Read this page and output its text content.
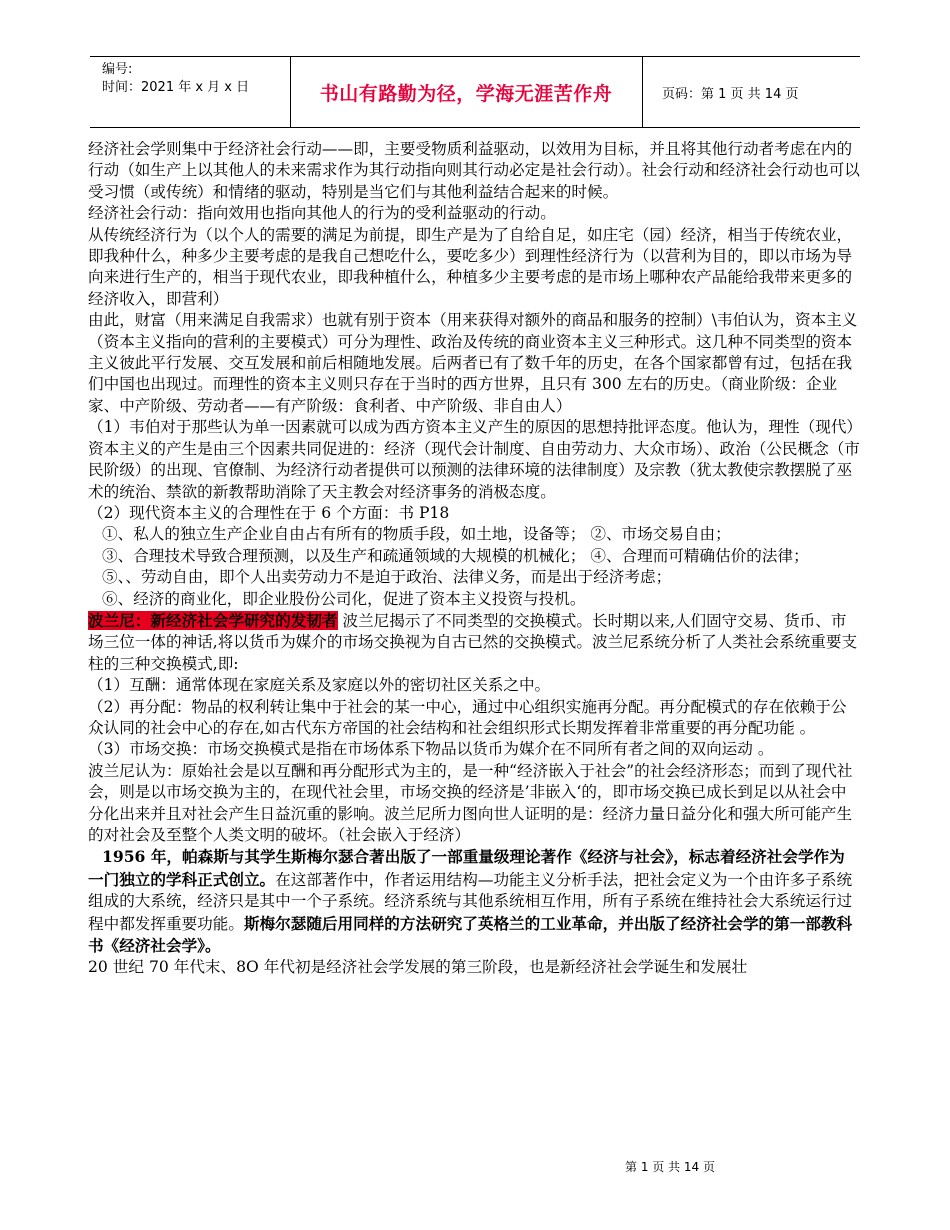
编号:
时间：2021 年 x 月 x 日	书山有路勤为径，学海无涯苦作舟	页码：第 1 页 共 14 页

经济社会学则集中于经济社会行动——即，主要受物质利益驱动，以效用为目标，并且将其他行动者考虑在内的行动（如生产上以其他人的未来需求作为其行动指向则其行动必定是社会行动）。社会行动和经济社会行动也可以受习惯（或传统）和情绪的驱动，特别是当它们与其他利益结合起来的时候。

经济社会行动：指向效用也指向其他人的行为的受利益驱动的行动。

从传统经济行为（以个人的需要的满足为前提，即生产是为了自给自足，如庄宅（园）经济，相当于传统农业，即我种什么，种多少主要考虑的是我自己想吃什么，要吃多少）到理性经济行为（以营利为目的，即以市场为导向来进行生产的，相当于现代农业，即我种植什么，种植多少主要考虑的是市场上哪种农产品能给我带来更多的经济收入，即营利）

由此，财富（用来满足自我需求）也就有别于资本（用来获得对额外的商品和服务的控制）\韦伯认为，资本主义（资本主义指向的营利的主要模式）可分为理性、政治及传统的商业资本主义三种形式。这几种不同类型的资本主义彼此平行发展、交互发展和前后相随地发展。后两者已有了数千年的历史，在各个国家都曾有过，包括在我们中国也出现过。而理性的资本主义则只存在于当时的西方世界，且只有 300 左右的历史。（商业阶级：企业家、中产阶级、劳动者——有产阶级：食利者、中产阶级、非自由人）

（1）韦伯对于那些认为单一因素就可以成为西方资本主义产生的原因的思想持批评态度。他认为，理性（现代）资本主义的产生是由三个因素共同促进的：经济（现代会计制度、自由劳动力、大众市场）、政治（公民概念（市民阶级）的出现、官僚制、为经济行动者提供可以预测的法律环境的法律制度）及宗教（犹太教使宗教摆脱了巫术的统治、禁欲的新教帮助消除了天主教会对经济事务的消极态度。

（2）现代资本主义的合理性在于 6 个方面：书 P18

①、私人的独立生产企业自由占有所有的物质手段，如土地，设备等； ②、市场交易自由；

③、合理技术导致合理预测，以及生产和疏通领域的大规模的机械化； ④、合理而可精确估价的法律；

⑤、、劳动自由，即个人出卖劳动力不是迫于政治、法律义务，而是出于经济考虑；

⑥、经济的商业化，即企业股份公司化，促进了资本主义投资与投机。

波兰尼：新经济社会学研究的发韧者 波兰尼揭示了不同类型的交换模式。长时期以来,人们固守交易、货币、市场三位一体的神话,将以货币为媒介的市场交换视为自古已然的交换模式。波兰尼系统分析了人类社会系统重要支柱的三种交换模式,即:

（1）互酬：通常体现在家庭关系及家庭以外的密切社区关系之中。

（2）再分配：物品的权利转让集中于社会的某一中心，通过中心组织实施再分配。再分配模式的存在依赖于公众认同的社会中心的存在,如古代东方帝国的社会结构和社会组织形式长期发挥着非常重要的再分配功能 。

（3）市场交换：市场交换模式是指在市场体系下物品以货币为媒介在不同所有者之间的双向运动 。

波兰尼认为：原始社会是以互酬和再分配形式为主的，是一种“经济嵌入于社会”的社会经济形态；而到了现代社会，则是以市场交换为主的，在现代社会里，市场交换的经济是’非嵌入‘的，即市场交换已成长到足以从社会中分化出来并且对社会产生日益沉重的影响。波兰尼所力图向世人证明的是：经济力量日益分化和强大所可能产生的对社会及至整个人类文明的破坏。（社会嵌入于经济）

1956 年，帕森斯与其学生斯梅尔瑟合著出版了一部重量级理论著作《经济与社会》，标志着经济社会学作为一门独立的学科正式创立。在这部著作中，作者运用结构—功能主义分析手法，把社会定义为一个由许多子系统组成的大系统，经济只是其中一个子系统。经济系统与其他系统相互作用，所有子系统在维持社会大系统运行过程中都发挥重要功能。斯梅尔瑟随后用同样的方法研究了英格兰的工业革命，并出版了经济社会学的第一部教科书《经济社会学》。

20 世纪 70 年代末、8O 年代初是经济社会学发展的第三阶段，也是新经济社会学诞生和发展壮

第 1 页 共 14 页
